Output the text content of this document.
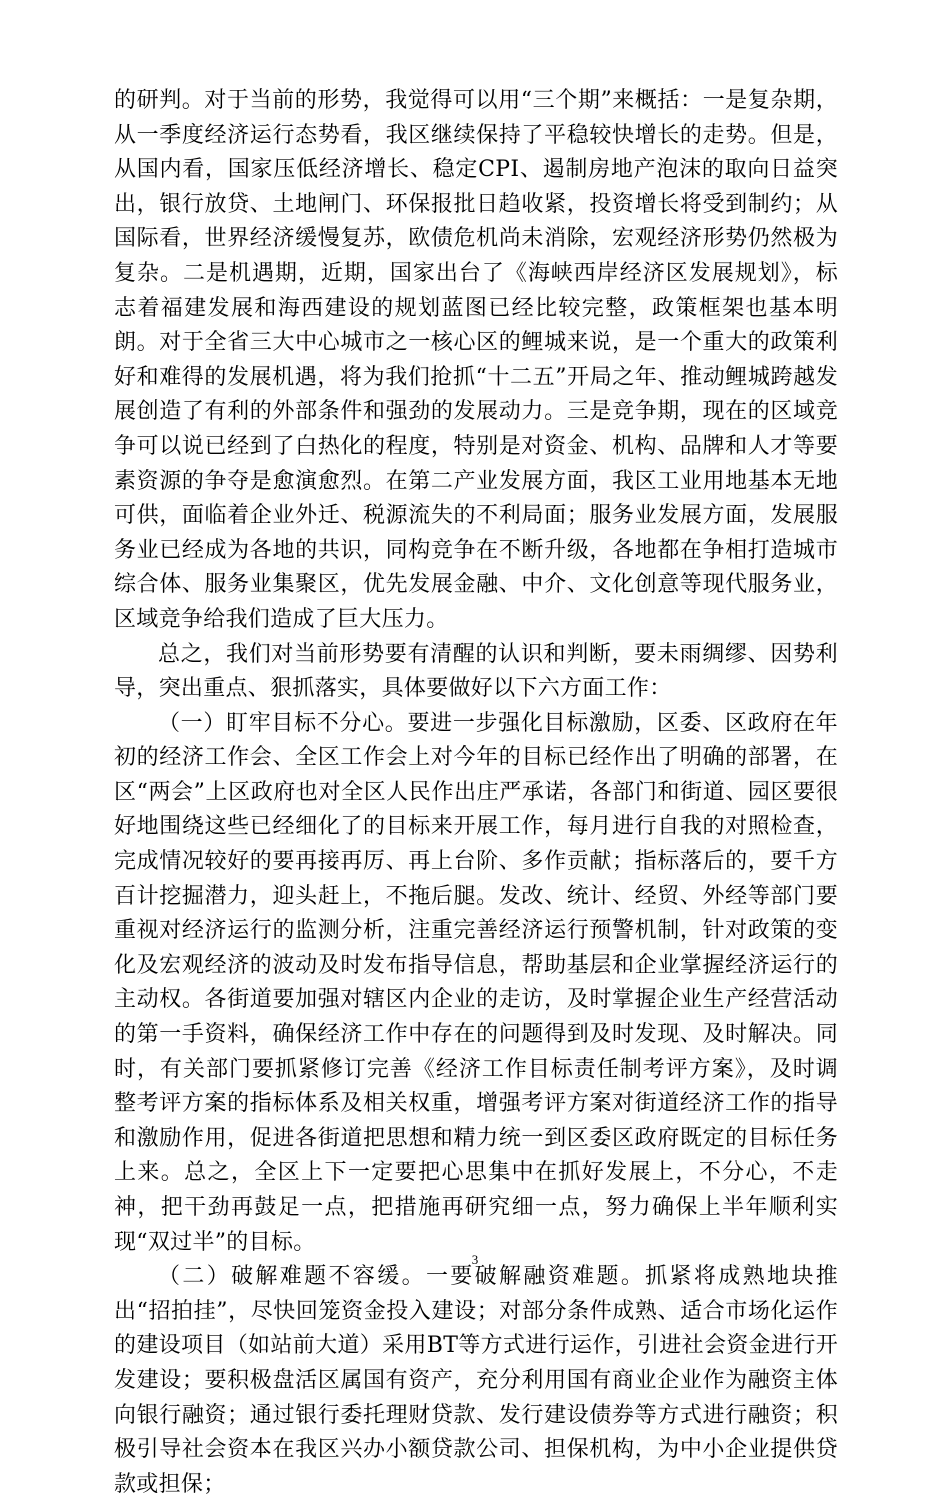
的研判。对于当前的形势，我觉得可以用“三个期”来概括：一是复杂期，从一季度经济运行态势看，我区继续保持了平稳较快增长的走势。但是，从国内看，国家压低经济增长、稳定CPI、遏制房地产泡沫的取向日益突出，银行放贷、土地闸门、环保报批日趋收紧，投资增长将受到制约；从国际看，世界经济缓慢复苏，欧债危机尚未消除，宏观经济形势仍然极为复杂。二是机遇期，近期，国家出台了《海峡西岸经济区发展规划》，标志着福建发展和海西建设的规划蓝图已经比较完整，政策框架也基本明朗。对于全省三大中心城市之一核心区的鲤城来说，是一个重大的政策利好和难得的发展机遇，将为我们抢抓“十二五”开局之年、推动鲤城跨越发展创造了有利的外部条件和强劲的发展动力。三是竞争期，现在的区域竞争可以说已经到了白热化的程度，特别是对资金、机构、品牌和人才等要素资源的争夺是愈演愈烈。在第二产业发展方面，我区工业用地基本无地可供，面临着企业外迁、税源流失的不利局面；服务业发展方面，发展服务业已经成为各地的共识，同构竞争在不断升级，各地都在争相打造城市综合体、服务业集聚区，优先发展金融、中介、文化创意等现代服务业，区域竞争给我们造成了巨大压力。

总之，我们对当前形势要有清醒的认识和判断，要未雨绸缪、因势利导，突出重点、狠抓落实，具体要做好以下六方面工作：

（一）盯牢目标不分心。要进一步强化目标激励，区委、区政府在年初的经济工作会、全区工作会上对今年的目标已经作出了明确的部署，在区“两会”上区政府也对全区人民作出庄严承诺，各部门和街道、园区要很好地围绕这些已经细化了的目标来开展工作，每月进行自我的对照检查，完成情况较好的要再接再厉、再上台阶、多作贡献；指标落后的，要千方百计挖掘潜力，迎头赶上，不拖后腿。发改、统计、经贸、外经等部门要重视对经济运行的监测分析，注重完善经济运行预警机制，针对政策的变化及宏观经济的波动及时发布指导信息，帮助基层和企业掌握经济运行的主动权。各街道要加强对辖区内企业的走访，及时掌握企业生产经营活动的第一手资料，确保经济工作中存在的问题得到及时发现、及时解决。同时，有关部门要抓紧修订完善《经济工作目标责任制考评方案》，及时调整考评方案的指标体系及相关权重，增强考评方案对街道经济工作的指导和激励作用，促进各街道把思想和精力统一到区委区政府既定的目标任务上来。总之，全区上下一定要把心思集中在抓好发展上，不分心，不走神，把干劲再鼓足一点，把措施再研究细一点，努力确保上半年顺利实现“双过半”的目标。

（二）破解难题不容缓。一要破解融资难题。抓紧将成熟地块推出“招拍挂”，尽快回笼资金投入建设；对部分条件成熟、适合市场化运作的建设项目（如站前大道）采用BT等方式进行运作，引进社会资金进行开发建设；要积极盘活区属国有资产，充分利用国有商业企业作为融资主体向银行融资；通过银行委托理财贷款、发行建设债券等方式进行融资；积极引导社会资本在我区兴办小额贷款公司、担保机构，为中小企业提供贷款或担保；

3
